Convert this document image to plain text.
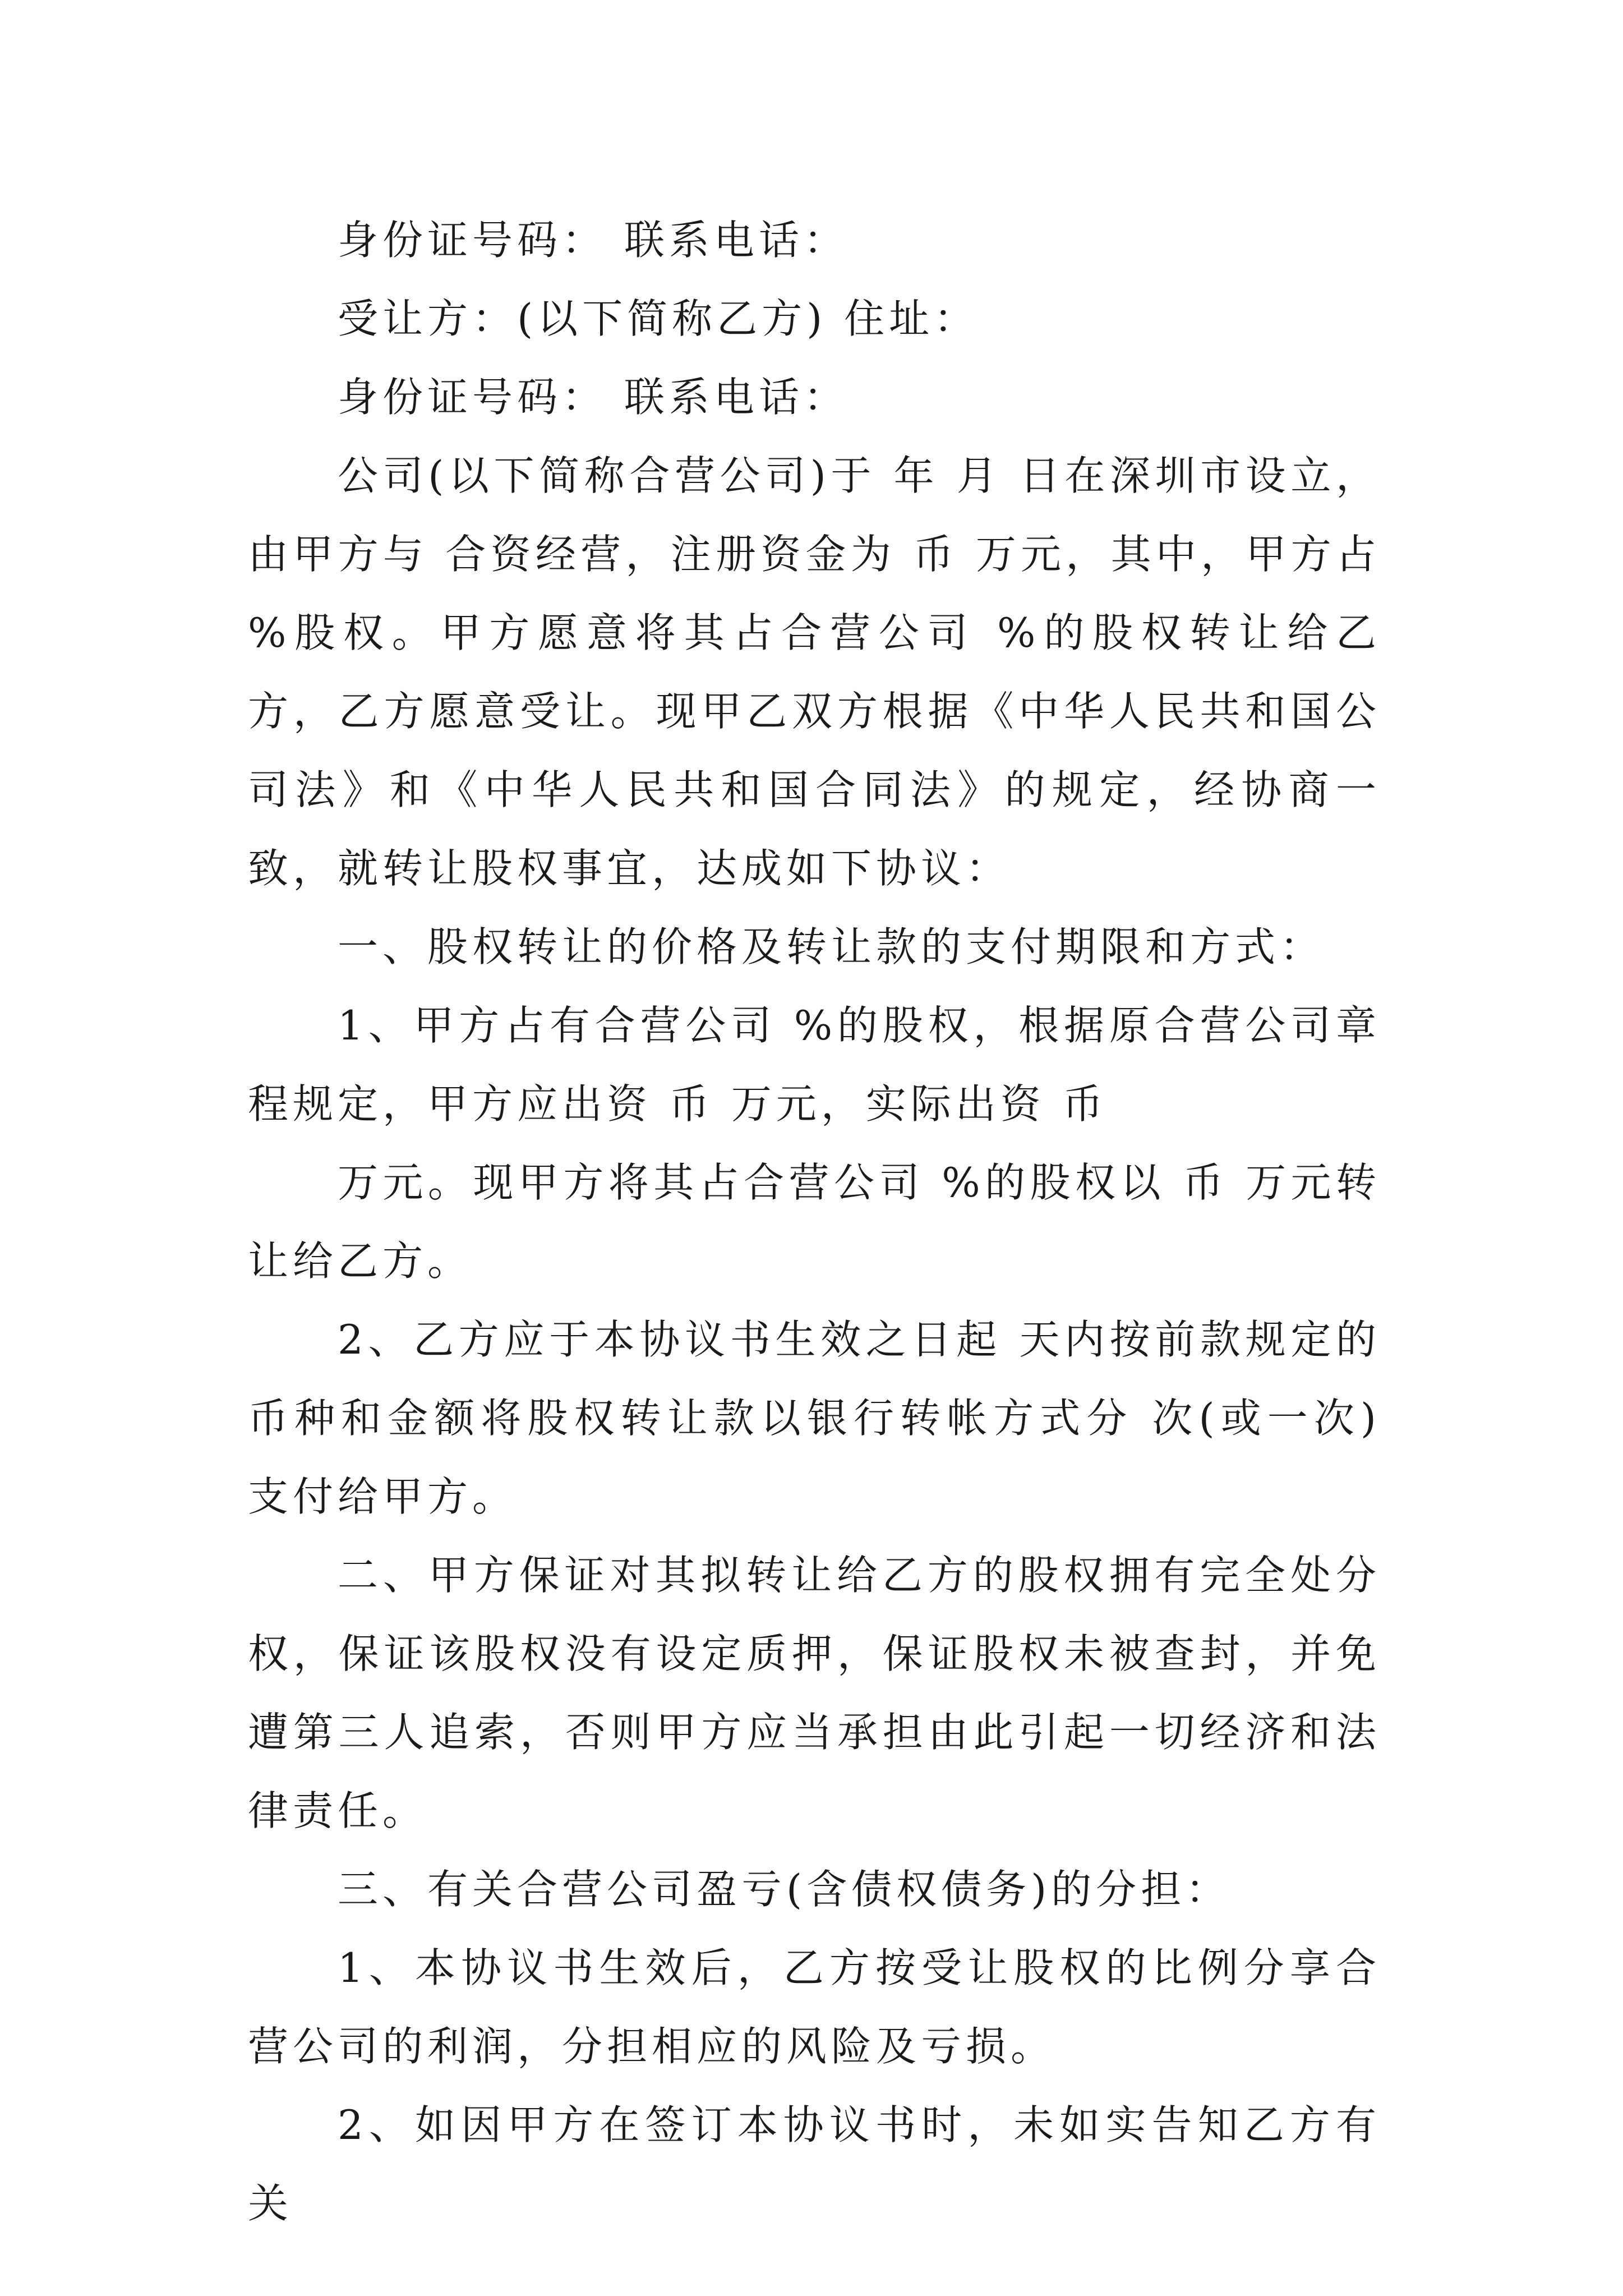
身份证号码： 联系电话：

受让方：(以下简称乙方) 住址：

身份证号码： 联系电话：

公司(以下简称合营公司)于 年 月 日在深圳市设立，由甲方与 合资经营，注册资金为 币 万元，其中，甲方占 %股权。甲方愿意将其占合营公司 %的股权转让给乙方，乙方愿意受让。现甲乙双方根据《中华人民共和国公司法》和《中华人民共和国合同法》的规定，经协商一致，就转让股权事宜，达成如下协议：

一、股权转让的价格及转让款的支付期限和方式：

1、甲方占有合营公司 %的股权，根据原合营公司章程规定，甲方应出资 币 万元，实际出资 币

万元。现甲方将其占合营公司 %的股权以 币 万元转让给乙方。

2、乙方应于本协议书生效之日起 天内按前款规定的币种和金额将股权转让款以银行转帐方式分 次(或一次)支付给甲方。

二、甲方保证对其拟转让给乙方的股权拥有完全处分权，保证该股权没有设定质押，保证股权未被查封，并免遭第三人追索，否则甲方应当承担由此引起一切经济和法律责任。

三、有关合营公司盈亏(含债权债务)的分担：

1、本协议书生效后，乙方按受让股权的比例分享合营公司的利润，分担相应的风险及亏损。

2、如因甲方在签订本协议书时，未如实告知乙方有关
